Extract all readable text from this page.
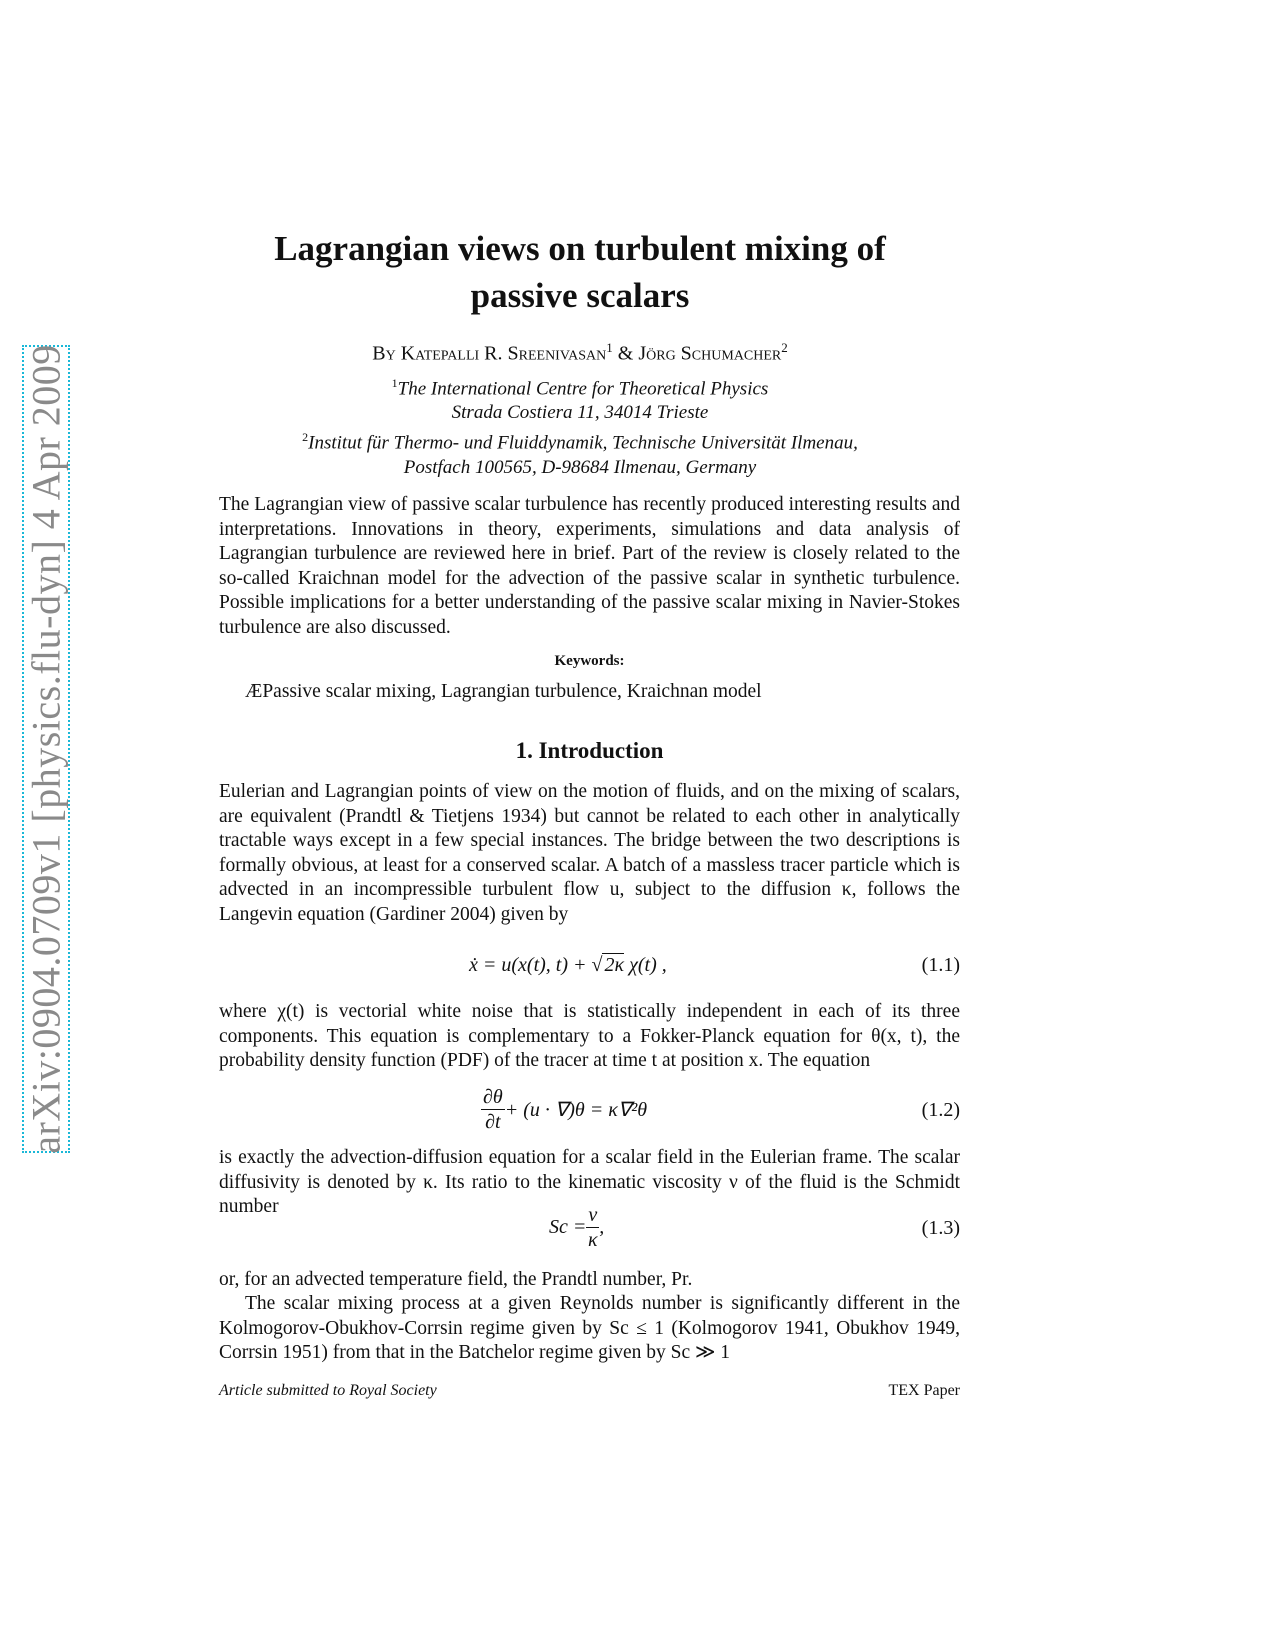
arXiv:0904.0709v1 [physics.flu-dyn] 4 Apr 2009
Lagrangian views on turbulent mixing of
passive scalars
By Katepalli R. Sreenivasan$^1$ & Jörg Schumacher$^2$
$^1$The International Centre for Theoretical Physics
Strada Costiera 11, 34014 Trieste
$^2$Institut für Thermo- und Fluiddynamik, Technische Universität Ilmenau,
Postfach 100565, D-98684 Ilmenau, Germany
The Lagrangian view of passive scalar turbulence has recently produced interesting results and interpretations. Innovations in theory, experiments, simulations and data analysis of Lagrangian turbulence are reviewed here in brief. Part of the review is closely related to the so-called Kraichnan model for the advection of the passive scalar in synthetic turbulence. Possible implications for a better understanding of the passive scalar mixing in Navier-Stokes turbulence are also discussed.
Keywords:
ÆPassive scalar mixing, Lagrangian turbulence, Kraichnan model
1. Introduction
Eulerian and Lagrangian points of view on the motion of fluids, and on the mixing of scalars, are equivalent (Prandtl & Tietjens 1934) but cannot be related to each other in analytically tractable ways except in a few special instances. The bridge between the two descriptions is formally obvious, at least for a conserved scalar. A batch of a massless tracer particle which is advected in an incompressible turbulent flow u, subject to the diffusion κ, follows the Langevin equation (Gardiner 2004) given by
ẋ = u(x(t), t) + √ 2κ χ(t) ,	(1.1)
where χ(t) is vectorial white noise that is statistically independent in each of its three components. This equation is complementary to a Fokker-Planck equation for θ(x, t), the probability density function (PDF) of the tracer at time t at position x. The equation
$\frac{\partial\theta}{\partial t} + (u \cdot \nabla)\theta = \kappa\nabla^2\theta$	(1.2)
is exactly the advection-diffusion equation for a scalar field in the Eulerian frame. The scalar diffusivity is denoted by κ. Its ratio to the kinematic viscosity ν of the fluid is the Schmidt number
$Sc = \frac{\nu}{\kappa}$ ,	(1.3)
or, for an advected temperature field, the Prandtl number, Pr.
The scalar mixing process at a given Reynolds number is significantly different in the Kolmogorov-Obukhov-Corrsin regime given by Sc ≤ 1 (Kolmogorov 1941, Obukhov 1949, Corrsin 1951) from that in the Batchelor regime given by Sc ≫ 1
Article submitted to Royal Society	TEX Paper
